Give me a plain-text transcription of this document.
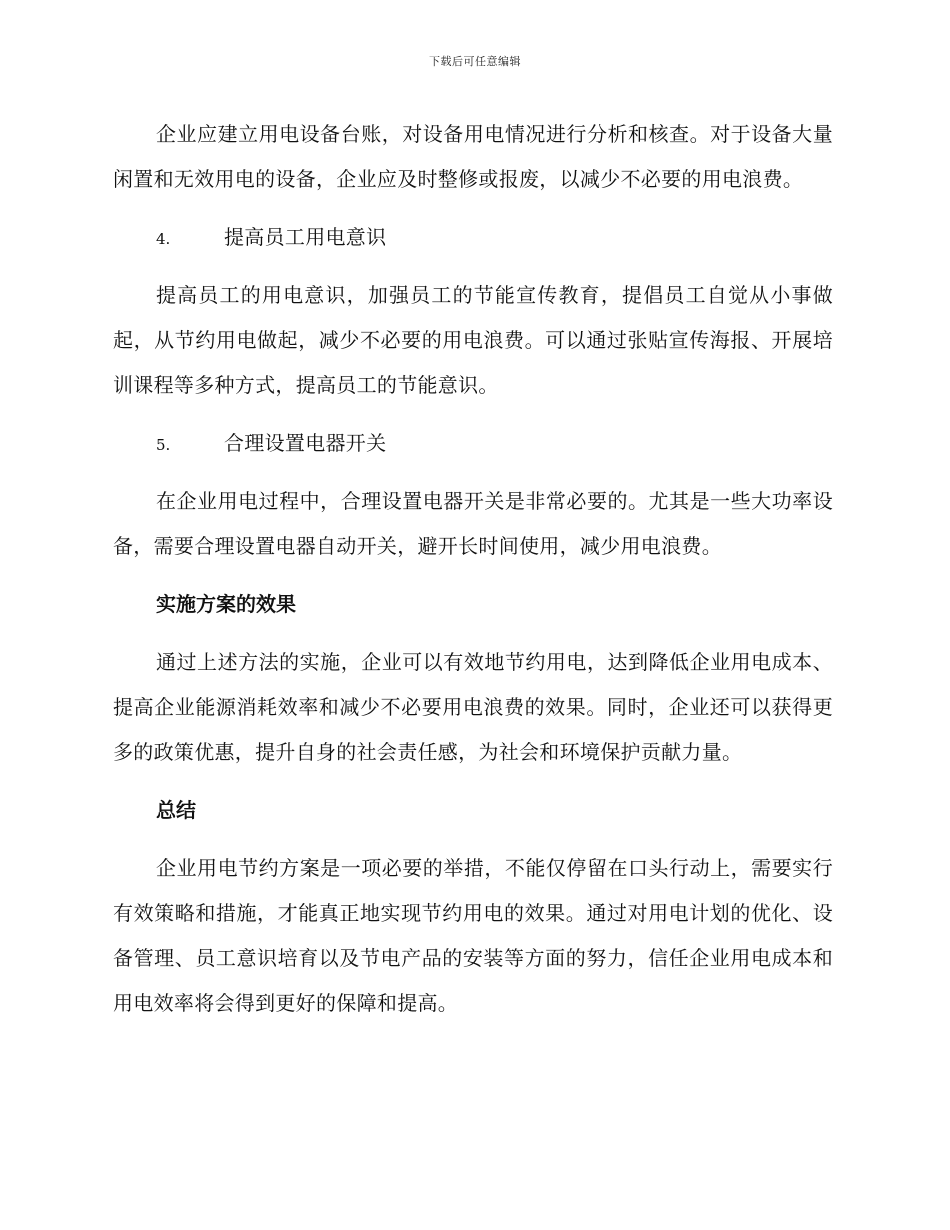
下载后可任意编辑

企业应建立用电设备台账，对设备用电情况进行分析和核查。对于设备大量闲置和无效用电的设备，企业应及时整修或报废，以减少不必要的用电浪费。

4.	提高员工用电意识

提高员工的用电意识，加强员工的节能宣传教育，提倡员工自觉从小事做起，从节约用电做起，减少不必要的用电浪费。可以通过张贴宣传海报、开展培训课程等多种方式，提高员工的节能意识。

5.	合理设置电器开关

在企业用电过程中，合理设置电器开关是非常必要的。尤其是一些大功率设备，需要合理设置电器自动开关，避开长时间使用，减少用电浪费。

实施方案的效果

通过上述方法的实施，企业可以有效地节约用电，达到降低企业用电成本、提高企业能源消耗效率和减少不必要用电浪费的效果。同时，企业还可以获得更多的政策优惠，提升自身的社会责任感，为社会和环境保护贡献力量。

总结

企业用电节约方案是一项必要的举措，不能仅停留在口头行动上，需要实行有效策略和措施，才能真正地实现节约用电的效果。通过对用电计划的优化、设备管理、员工意识培育以及节电产品的安装等方面的努力，信任企业用电成本和用电效率将会得到更好的保障和提高。
